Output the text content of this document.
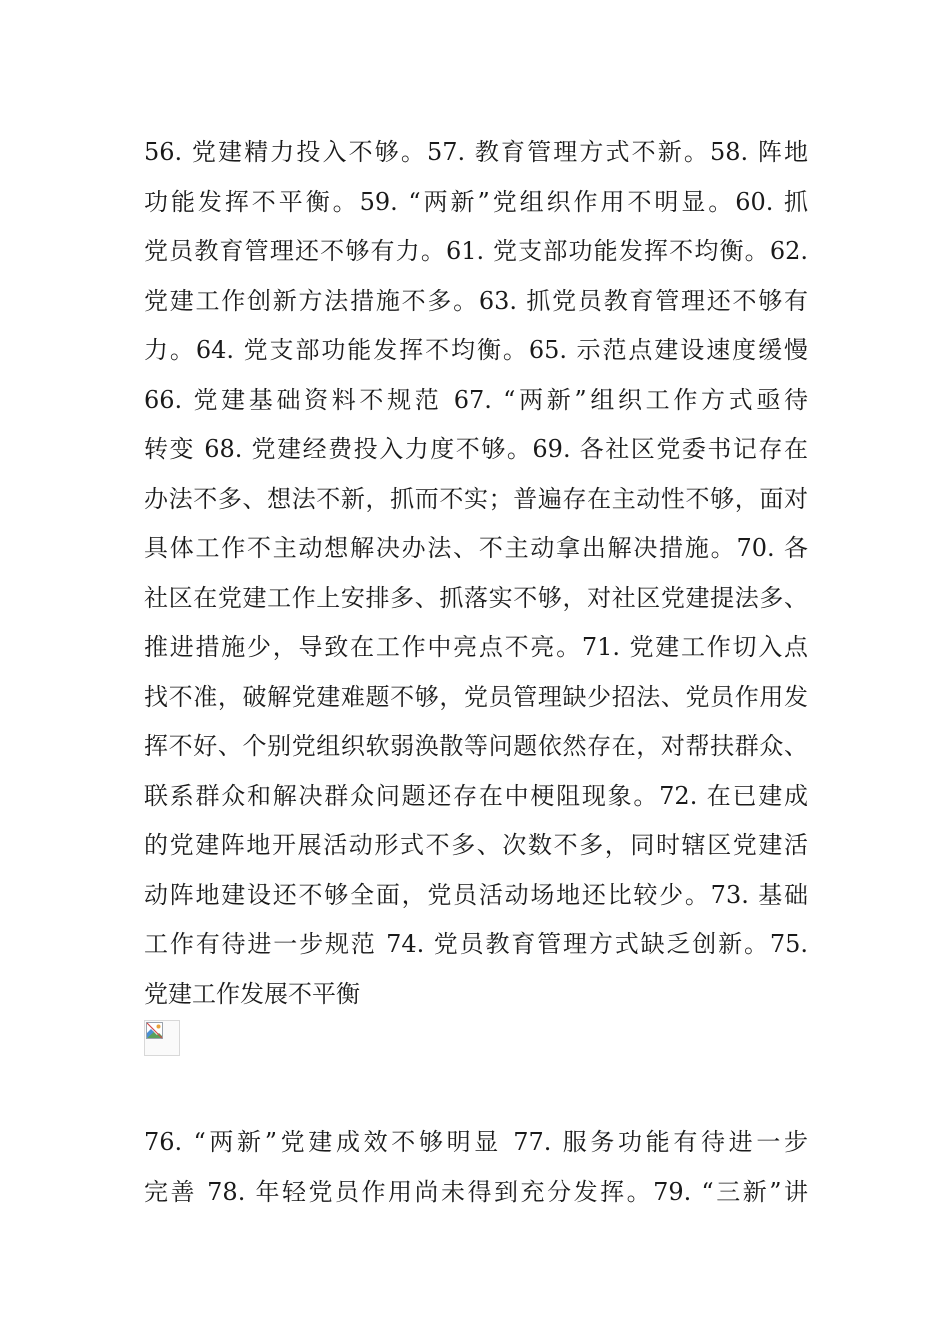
56. 党建精力投入不够。57. 教育管理方式不新。58. 阵地
功能发挥不平衡。59. “两新”党组织作用不明显。60. 抓
党员教育管理还不够有力。61. 党支部功能发挥不均衡。62.
党建工作创新方法措施不多。63. 抓党员教育管理还不够有
力。64. 党支部功能发挥不均衡。65. 示范点建设速度缓慢
66. 党建基础资料不规范 67. “两新”组织工作方式亟待
转变 68. 党建经费投入力度不够。69. 各社区党委书记存在
办法不多、想法不新，抓而不实；普遍存在主动性不够，面对
具体工作不主动想解决办法、不主动拿出解决措施。70. 各
社区在党建工作上安排多、抓落实不够，对社区党建提法多、
推进措施少，导致在工作中亮点不亮。71. 党建工作切入点
找不准，破解党建难题不够，党员管理缺少招法、党员作用发
挥不好、个别党组织软弱涣散等问题依然存在，对帮扶群众、
联系群众和解决群众问题还存在中梗阻现象。72. 在已建成
的党建阵地开展活动形式不多、次数不多，同时辖区党建活
动阵地建设还不够全面，党员活动场地还比较少。73. 基础
工作有待进一步规范 74. 党员教育管理方式缺乏创新。75.
党建工作发展不平衡
76. “两新”党建成效不够明显 77. 服务功能有待进一步
完善 78. 年轻党员作用尚未得到充分发挥。79. “三新”讲
